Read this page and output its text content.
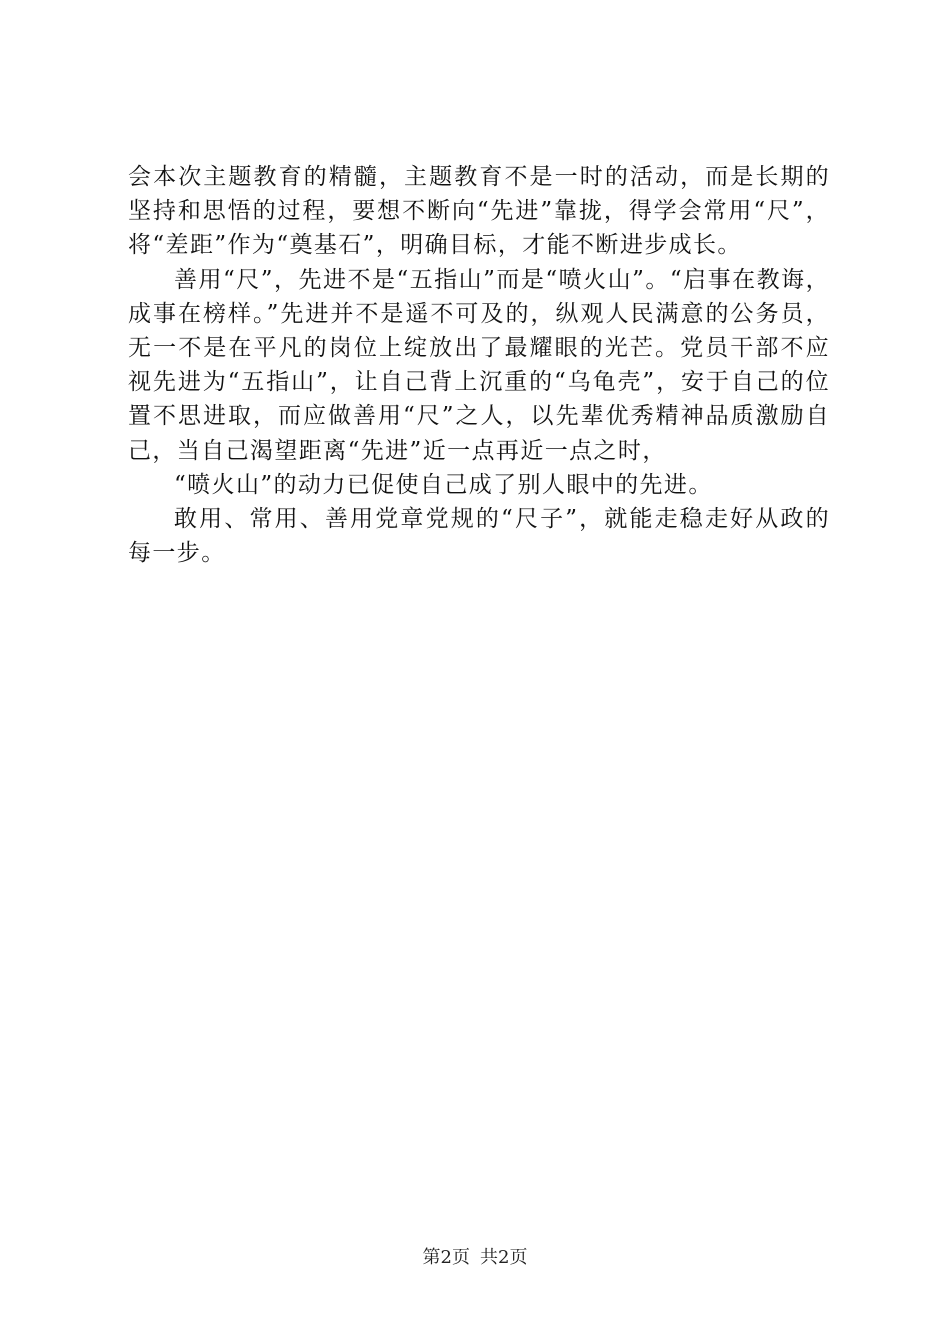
会本次主题教育的精髓，主题教育不是一时的活动，而是长期的坚持和思悟的过程，要想不断向“先进”靠拢，得学会常用“尺”，将“差距”作为“奠基石”，明确目标，才能不断进步成长。

善用“尺”，先进不是“五指山”而是“喷火山”。“启事在教诲，成事在榜样。”先进并不是遥不可及的，纵观人民满意的公务员，无一不是在平凡的岗位上绽放出了最耀眼的光芒。党员干部不应视先进为“五指山”，让自己背上沉重的“乌龟壳”，安于自己的位置不思进取，而应做善用“尺”之人，以先辈优秀精神品质激励自己，当自己渴望距离“先进”近一点再近一点之时，

“喷火山”的动力已促使自己成了别人眼中的先进。

敢用、常用、善用党章党规的“尺子”，就能走稳走好从政的每一步。

第2页 共2页
